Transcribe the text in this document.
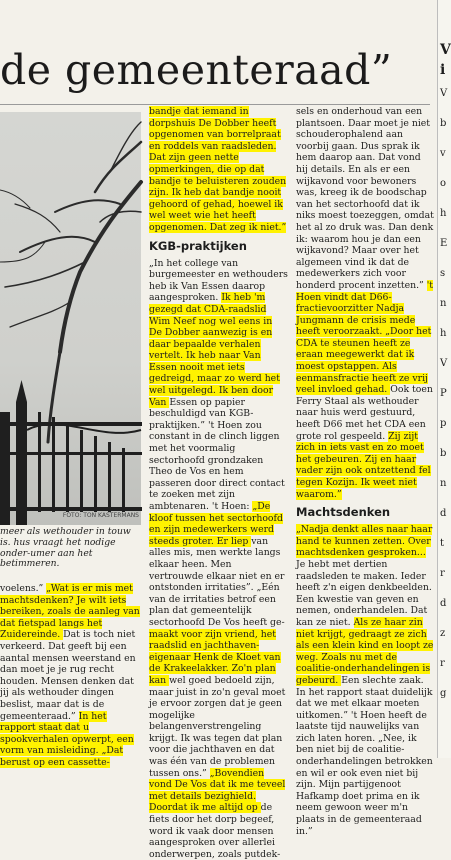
de gemeenteraad”
FOTO: TON KASTERMANS
meer als wethouder in touw is. hus vraagt het nodige onder-umer aan het betimmeren.
voelens.” „Wat is er mis met machtsdenken? Je wilt iets bereiken, zoals de aanleg van dat fietspad langs het Zuidereinde. Dat is toch niet verkeerd. Dat geeft bij een aantal mensen weerstand en dan moet je je rug recht houden. Mensen denken dat jij als wethouder dingen beslist, maar dat is de gemeenteraad.” In het rapport staat dat u spookverhalen opwerpt, een vorm van misleiding. „Dat berust op een cassette-
bandje dat iemand in dorpshuis De Dobber heeft opgenomen van borrelpraat en roddels van raadsleden. Dat zijn geen nette opmerkingen, die op dat bandje te beluisteren zouden zijn. Ik heb dat bandje nooit gehoord of gehad, hoewel ik wel weet wie het heeft opgenomen. Dat zeg ik niet.”
KGB-praktijken
„In het college van burgemeester en wethouders heb ik Van Essen daarop aangesproken. Ik heb 'm gezegd dat CDA-raadslid Wim Neef nog wel eens in De Dobber aanwezig is en daar bepaalde verhalen vertelt. Ik heb naar Van Essen nooit met iets gedreigd, maar zo werd het wel uitgelegd. Ik ben door Van Essen op papier beschuldigd van KGB-praktijken.” 't Hoen zou constant in de clinch liggen met het voormalig sectorhoofd grondzaken Theo de Vos en hem passeren door direct contact te zoeken met zijn ambtenaren. 't Hoen: „De kloof tussen het sectorhoofd en zijn medewerkers werd steeds groter. Er liep van alles mis, men werkte langs elkaar heen. Men vertrouwde elkaar niet en er ontstonden irritaties”. „Eén van de irritaties betrof een plan dat gemeentelijk sectorhoofd De Vos heeft ge- maakt voor zijn vriend, het raadslid en jachthaven-eigenaar Henk de Kloet van de Krakeelakker. Zo'n plan kan wel goed bedoeld zijn, maar juist in zo'n geval moet je ervoor zorgen dat je geen mogelijke belangenverstrengeling krijgt. Ik was tegen dat plan voor die jachthaven en dat was één van de problemen tussen ons.” „Bovendien vond De Vos dat ik me teveel met details bezighield. Doordat ik me altijd op de fiets door het dorp begeef, word ik vaak door mensen aangesproken over allerlei onderwerpen, zoals putdek-
sels en onderhoud van een plantsoen. Daar moet je niet schouderophalend aan voorbij gaan. Dus sprak ik hem daarop aan. Dat vond hij details. En als er een wijkavond voor bewoners was, kreeg ik de boodschap van het sectorhoofd dat ik niks moest toezeggen, omdat het al zo druk was. Dan denk ik: waarom hou je dan een wijkavond? Maar over het algemeen vind ik dat de medewerkers zich voor honderd procent inzetten.” 't Hoen vindt dat D66-fractievoorzitter Nadja Jungmann de crisis mede heeft veroorzaakt. „Door het CDA te steunen heeft ze eraan meegewerkt dat ik moest opstappen. Als eenmansfractie heeft ze vrij veel invloed gehad. Ook toen Ferry Staal als wethouder naar huis werd gestuurd, heeft D66 met het CDA een grote rol gespeeld. Zij zijt zich in iets vast en zo moet het gebeuren. Zij en haar vader zijn ook ontzettend fel tegen Kozijn. Ik weet niet waarom.”
Machtsdenken
„Nadja denkt alles naar haar hand te kunnen zetten. Over machtsdenken gesproken... Je hebt met dertien raadsleden te maken. Ieder heeft z'n eigen denkbeelden. Een kwestie van geven en nemen, onderhandelen. Dat kan ze niet. Als ze haar zin niet krijgt, gedraagt ze zich als een klein kind en loopt ze weg. Zoals nu met de coalitie-onderhandelingen is gebeurd. Een slechte zaak. In het rapport staat duidelijk dat we met elkaar moeten uitkomen.” 't Hoen heeft de laatste tijd nauwelijks van zich laten horen. „Nee, ik ben niet bij de coalitie-onderhandelingen betrokken en wil er ook even niet bij zijn. Mijn partijgenoot Hafkamp doet prima en ik neem gewoon weer m'n plaats in de gemeenteraad in.”
V
i
V
b
v
o
h
E
s
n
h
V
P
p
b
n
d
t
r
d
z
r
g
